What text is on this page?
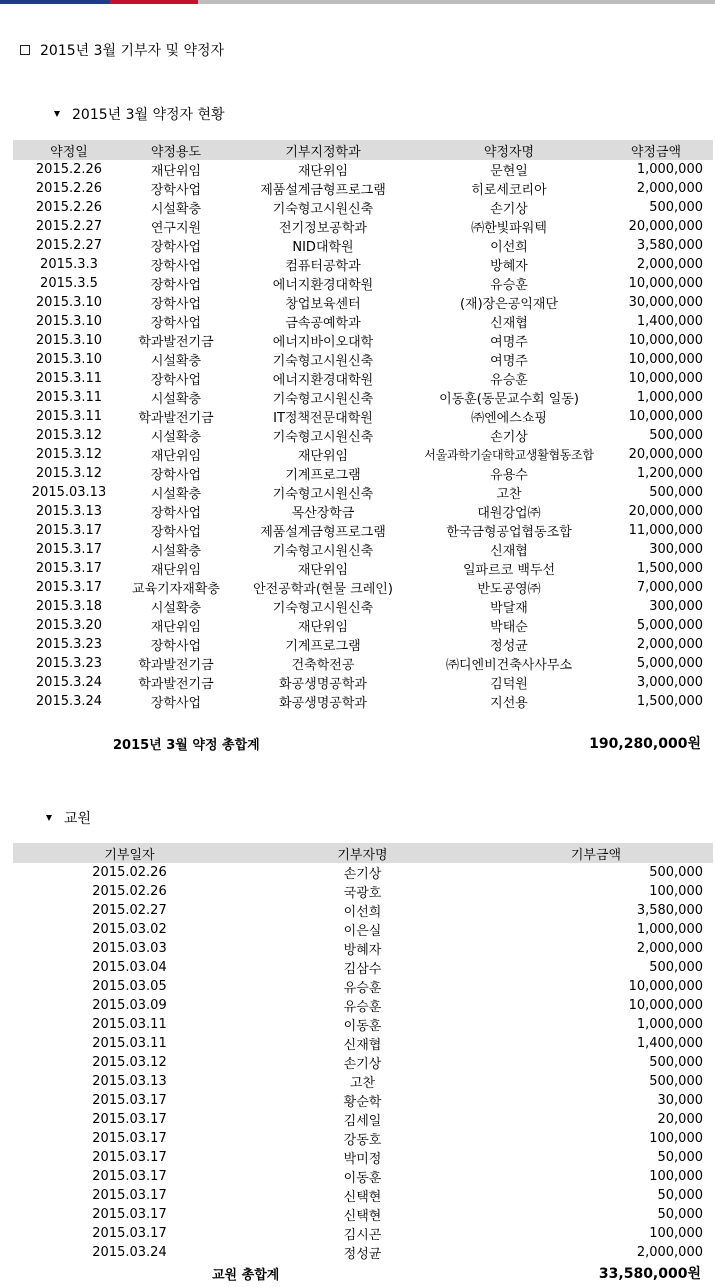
2015년 3월 기부자 및 약정자
2015년 3월 약정자 현황
약정일	약정용도	기부지정학과	약정자명	약정금액
2015.2.26	재단위임	재단위임	문현일	1,000,000
2015.2.26	장학사업	제품설계금형프로그램	히로세코리아	2,000,000
2015.2.26	시설확충	기숙형고시원신축	손기상	500,000
2015.2.27	연구지원	전기정보공학과	㈜한빛파워텍	20,000,000
2015.2.27	장학사업	NID대학원	이선희	3,580,000
2015.3.3	장학사업	컴퓨터공학과	방혜자	2,000,000
2015.3.5	장학사업	에너지환경대학원	유승훈	10,000,000
2015.3.10	장학사업	창업보육센터	(재)장은공익재단	30,000,000
2015.3.10	장학사업	금속공예학과	신재협	1,400,000
2015.3.10	학과발전기금	에너지바이오대학	여명주	10,000,000
2015.3.10	시설확충	기숙형고시원신축	여명주	10,000,000
2015.3.11	장학사업	에너지환경대학원	유승훈	10,000,000
2015.3.11	시설확충	기숙형고시원신축	이동훈(동문교수회 일동)	1,000,000
2015.3.11	학과발전기금	IT정책전문대학원	㈜엔에스쇼핑	10,000,000
2015.3.12	시설확충	기숙형고시원신축	손기상	500,000
2015.3.12	재단위임	재단위임	서울과학기술대학교생활협동조합	20,000,000
2015.3.12	장학사업	기계프로그램	유용수	1,200,000
2015.03.13	시설확충	기숙형고시원신축	고찬	500,000
2015.3.13	장학사업	목산장학금	대원강업㈜	20,000,000
2015.3.17	장학사업	제품설계금형프로그램	한국금형공업협동조합	11,000,000
2015.3.17	시설확충	기숙형고시원신축	신재협	300,000
2015.3.17	재단위임	재단위임	일파르코 백두선	1,500,000
2015.3.17	교육기자재확충	안전공학과(현물 크레인)	반도공영㈜	7,000,000
2015.3.18	시설확충	기숙형고시원신축	박달재	300,000
2015.3.20	재단위임	재단위임	박태순	5,000,000
2015.3.23	장학사업	기계프로그램	정성균	2,000,000
2015.3.23	학과발전기금	건축학전공	㈜디엔비건축사사무소	5,000,000
2015.3.24	학과발전기금	화공생명공학과	김덕원	3,000,000
2015.3.24	장학사업	화공생명공학과	지선용	1,500,000
2015년 3월 약정 총합계	190,280,000원
교원
기부일자	기부자명	기부금액
2015.02.26	손기상	500,000
2015.02.26	국광호	100,000
2015.02.27	이선희	3,580,000
2015.03.02	이은실	1,000,000
2015.03.03	방혜자	2,000,000
2015.03.04	김삼수	500,000
2015.03.05	유승훈	10,000,000
2015.03.09	유승훈	10,000,000
2015.03.11	이동훈	1,000,000
2015.03.11	신재협	1,400,000
2015.03.12	손기상	500,000
2015.03.13	고찬	500,000
2015.03.17	황순학	30,000
2015.03.17	김세일	20,000
2015.03.17	강동호	100,000
2015.03.17	박미정	50,000
2015.03.17	이동훈	100,000
2015.03.17	신택현	50,000
2015.03.17	신택현	50,000
2015.03.17	김시곤	100,000
2015.03.24	정성균	2,000,000
교원 총합계	33,580,000원
